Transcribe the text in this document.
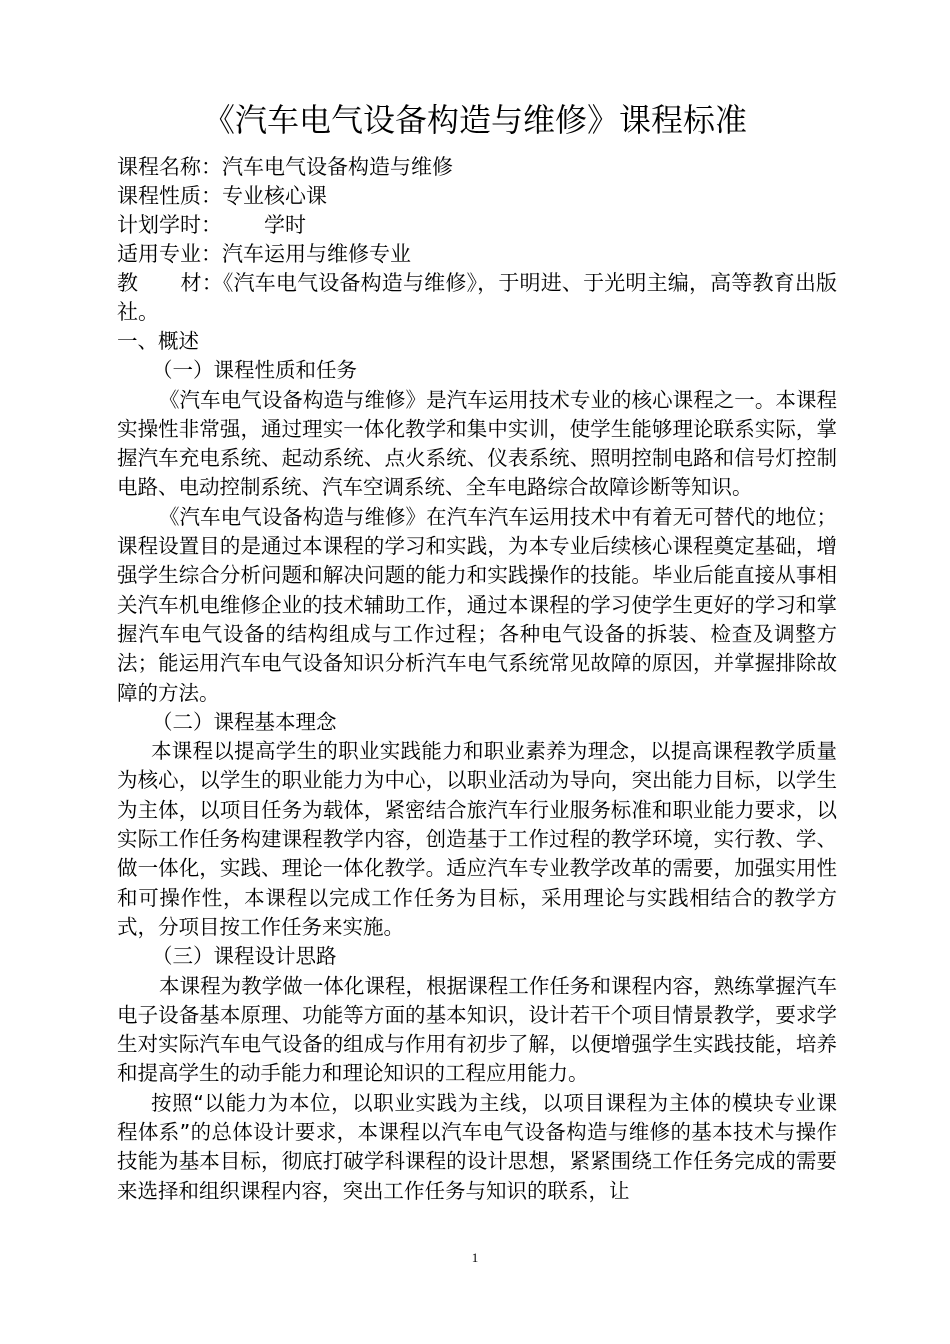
《汽车电气设备构造与维修》课程标准
课程名称：汽车电气设备构造与维修
课程性质：专业核心课
计划学时： 学时
适用专业：汽车运用与维修专业
教　　材：《汽车电气设备构造与维修》，于明进、于光明主编，高等教育出版社。
一、概述
（一）课程性质和任务

《汽车电气设备构造与维修》是汽车运用技术专业的核心课程之一。本课程实操性非常强，通过理实一体化教学和集中实训，使学生能够理论联系实际，掌握汽车充电系统、起动系统、点火系统、仪表系统、照明控制电路和信号灯控制电路、电动控制系统、汽车空调系统、全车电路综合故障诊断等知识。

《汽车电气设备构造与维修》在汽车汽车运用技术中有着无可替代的地位；课程设置目的是通过本课程的学习和实践，为本专业后续核心课程奠定基础，增强学生综合分析问题和解决问题的能力和实践操作的技能。毕业后能直接从事相关汽车机电维修企业的技术辅助工作，通过本课程的学习使学生更好的学习和掌握汽车电气设备的结构组成与工作过程；各种电气设备的拆装、检查及调整方法；能运用汽车电气设备知识分析汽车电气系统常见故障的原因，并掌握排除故障的方法。

（二）课程基本理念

本课程以提高学生的职业实践能力和职业素养为理念，以提高课程教学质量为核心，以学生的职业能力为中心，以职业活动为导向，突出能力目标，以学生为主体，以项目任务为载体，紧密结合旅汽车行业服务标准和职业能力要求，以实际工作任务构建课程教学内容，创造基于工作过程的教学环境，实行教、学、做一体化，实践、理论一体化教学。适应汽车专业教学改革的需要，加强实用性和可操作性，本课程以完成工作任务为目标，采用理论与实践相结合的教学方式，分项目按工作任务来实施。

（三）课程设计思路

本课程为教学做一体化课程，根据课程工作任务和课程内容，熟练掌握汽车电子设备基本原理、功能等方面的基本知识，设计若干个项目情景教学，要求学生对实际汽车电气设备的组成与作用有初步了解，以便增强学生实践技能，培养和提高学生的动手能力和理论知识的工程应用能力。

按照“以能力为本位，以职业实践为主线，以项目课程为主体的模块专业课程体系”的总体设计要求，本课程以汽车电气设备构造与维修的基本技术与操作技能为基本目标，彻底打破学科课程的设计思想，紧紧围绕工作任务完成的需要来选择和组织课程内容，突出工作任务与知识的联系，让

1
